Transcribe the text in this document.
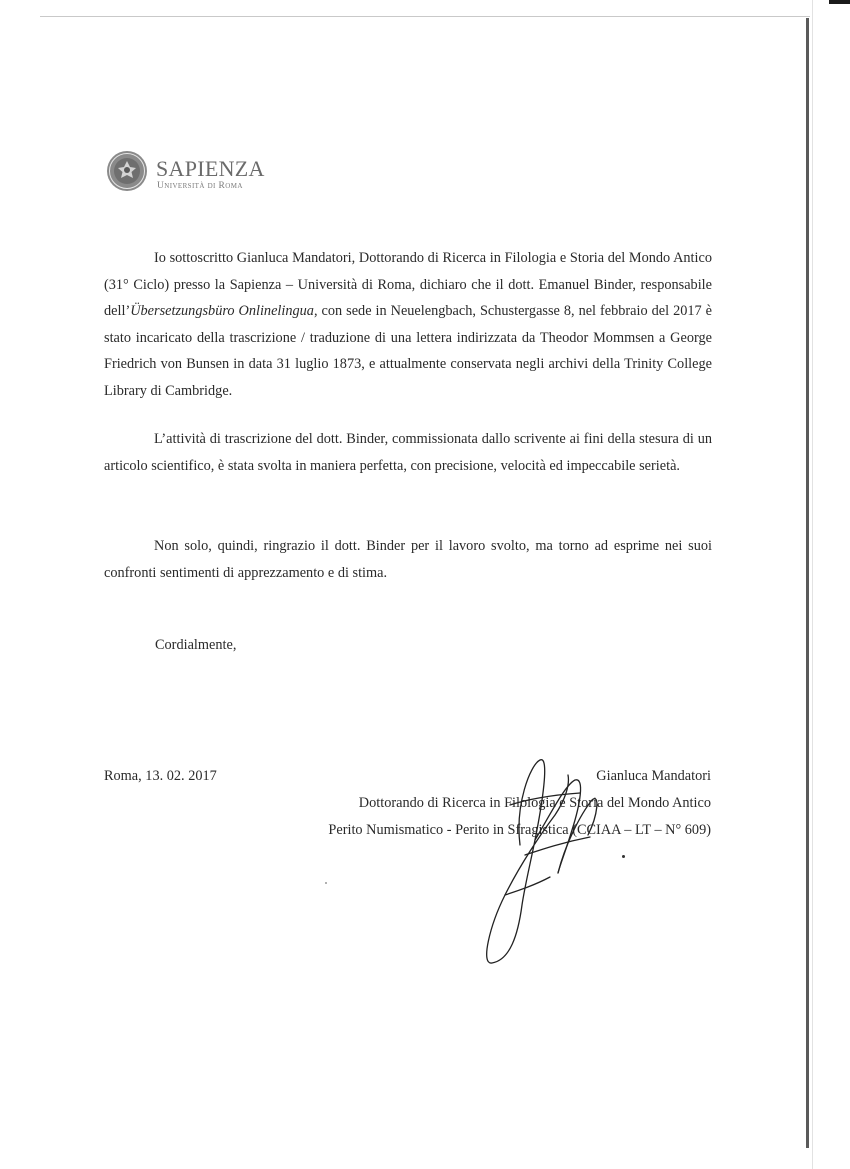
SAPIENZA
Università di Roma
Io sottoscritto Gianluca Mandatori, Dottorando di Ricerca in Filologia e Storia del Mondo Antico (31° Ciclo) presso la Sapienza – Università di Roma, dichiaro che il dott. Emanuel Binder, responsabile dell’Übersetzungsbüro Onlinelingua, con sede in Neuelengbach, Schustergasse 8, nel febbraio del 2017 è stato incaricato della trascrizione / traduzione di una lettera indirizzata da Theodor Mommsen a George Friedrich von Bunsen in data 31 luglio 1873, e attualmente conservata negli archivi della Trinity College Library di Cambridge.
L’attività di trascrizione del dott. Binder, commissionata dallo scrivente ai fini della stesura di un articolo scientifico, è stata svolta in maniera perfetta, con precisione, velocità ed impeccabile serietà.
Non solo, quindi, ringrazio il dott. Binder per il lavoro svolto, ma torno ad esprime nei suoi confronti sentimenti di apprezzamento e di stima.
Cordialmente,
Roma, 13. 02. 2017	Gianluca Mandatori
Dottorando di Ricerca in Filologia e Storia del Mondo Antico
Perito Numismatico - Perito in Sfragistica (CCIAA – LT – N° 609)
